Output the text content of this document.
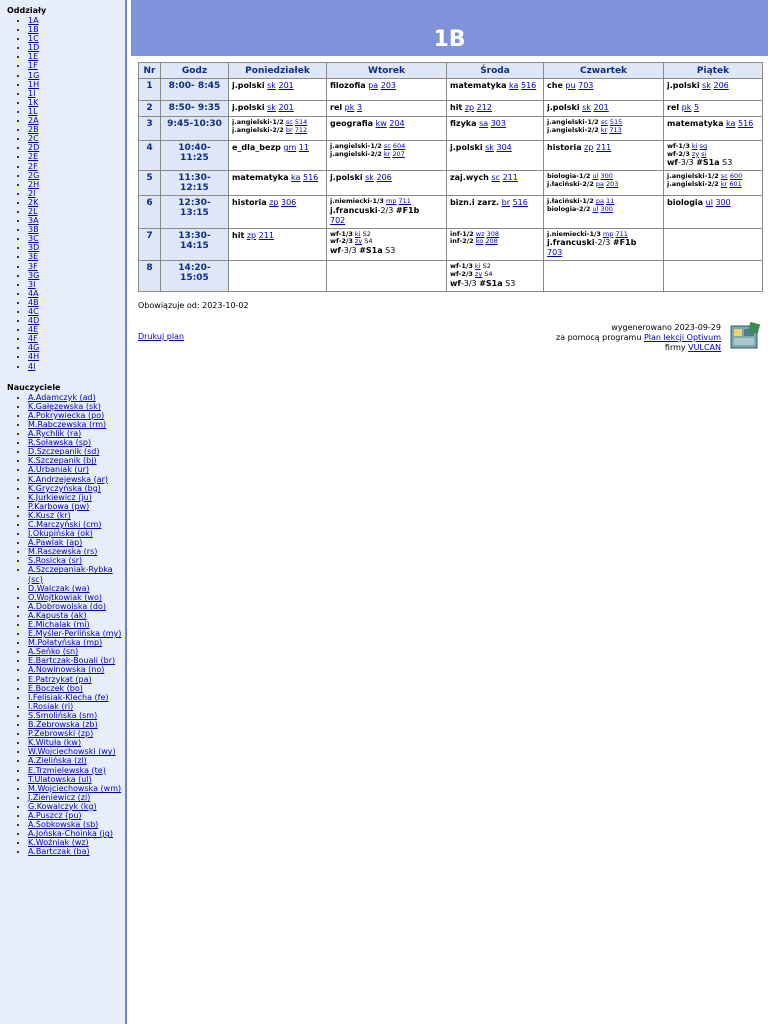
Oddziały
• 1A
• 1B
• 1C
• 1D
• 1E
• 1F
• 1G
• 1H
• 1I
• 1K
• 1L
• 2A
• 2B
• 2C
• 2D
• 2E
• 2F
• 2G
• 2H
• 2I
• 2K
• 2L
• 3A
• 3B
• 3C
• 3D
• 3E
• 3F
• 3G
• 3I
• 4A
• 4B
• 4C
• 4D
• 4E
• 4F
• 4G
• 4H
• 4I
Nauczyciele
• A.Adamczyk (ad)
• K.Gałęzewska (sk)
• A.Pokrywiecka (po)
• M.Rabczewska (rm)
• A.Rychlik (ra)
• R.Soławska (sp)
• D.Szczepanik (sd)
• K.Szczepanik (bj)
• A.Urbaniak (ur)
• K.Andrzejewska (ar)
• K.Gryczyńska (bg)
• K.Jurkiewicz (ju)
• P.Karbowa (pw)
• K.Kusz (kr)
• C.Marczyński (cm)
• J.Okupińska (ok)
• A.Pawlak (ap)
• M.Raszewska (rs)
• S.Rosicka (sr)
• A.Szczepaniak-Rybka (sc)
• D.Walczak (wa)
• O.Wojtkowiak (wo)
• A.Dobrowolska (do)
• A.Kapusta (ak)
• E.Michalak (mi)
• E.Myśler-Perlińska (my)
• M.Połatyńska (mp)
• A.Seńko (sn)
• E.Bartczak-Bouali (br)
• A.Nowinowska (no)
• E.Patrzykat (pa)
• E.Boczek (bo)
• I.Felisiak-Klecha (fe)
• I.Rosiak (ri)
• S.Smolińska (sm)
• B.Żebrowska (zb)
• P.Żebrowski (zp)
• K.Wituła (kw)
• W.Wojciechowski (wy)
• A.Zielińska (zl)
• E.Trzmielewska (te)
• T.Ulatowska (ul)
• M.Wojciechowska (wm)
• J.Zieniewicz (zi)
• G.Kowalczyk (kg)
• A.Puszcz (pu)
• A.Sobkowska (sb)
• A.Jońska-Choinka (jg)
• K.Woźniak (wz)
• A.Bartczak (ba)
1B
Nr	Godz	Poniedziałek	Wtorek	Środa	Czwartek	Piątek
1	8:00- 8:45	j.polski sk 201	filozofia pa 203	matematyka ka 516	che pu 703	j.polski sk 206

2	8:50- 9:35	j.polski sk 201	rel pk 3	hit zp 212	j.polski sk 201	rel pk 5

3	9:45-10:30	j.angielski-1/2 sc 514
j.angielski-2/2 br 712	geografia kw 204	fizyka sa 303	j.angielski-1/2 sc 515
j.angielski-2/2 kr 713	matematyka ka 516

4	10:40-11:25	e_dla_bezp gm 11	j.angielski-1/2 sc 604
j.angielski-2/2 kr 207	j.polski sk 304	historia zp 211	wf-1/3 ki sg
wf-2/3 zy si
wf-3/3 #S1a S3

5	11:30-12:15	matematyka ka 516	j.polski sk 206	zaj.wych sc 211	biologia-1/2 ul 300
j.łaciński-2/2 pa 203	j.angielski-1/2 sc 600
j.angielski-2/2 kr 601

6	12:30-13:15	historia zp 306	j.niemiecki-1/3 mp 711
j.francuski-2/3 #F1b
702	bizn.i zarz. br 516	j.łaciński-1/2 pa 11
biologia-2/2 ul 300	biologia ul 300

7	13:30-14:15	hit zp 211	wf-1/3 ki S2
wf-2/3 zy S4
wf-3/3 #S1a S3	inf-1/2 wz 308
inf-2/2 ko 208	j.niemiecki-1/3 mp 711
j.francuski-2/3 #F1b
703	

8	14:20-15:05			wf-1/3 ki S2
wf-2/3 zy S4
wf-3/3 #S1a S3		

Obowiązuje od: 2023-10-02
Drukuj plan
wygenerowano 2023-09-29
za pomocą programu Plan lekcji Optivum
firmy VULCAN
